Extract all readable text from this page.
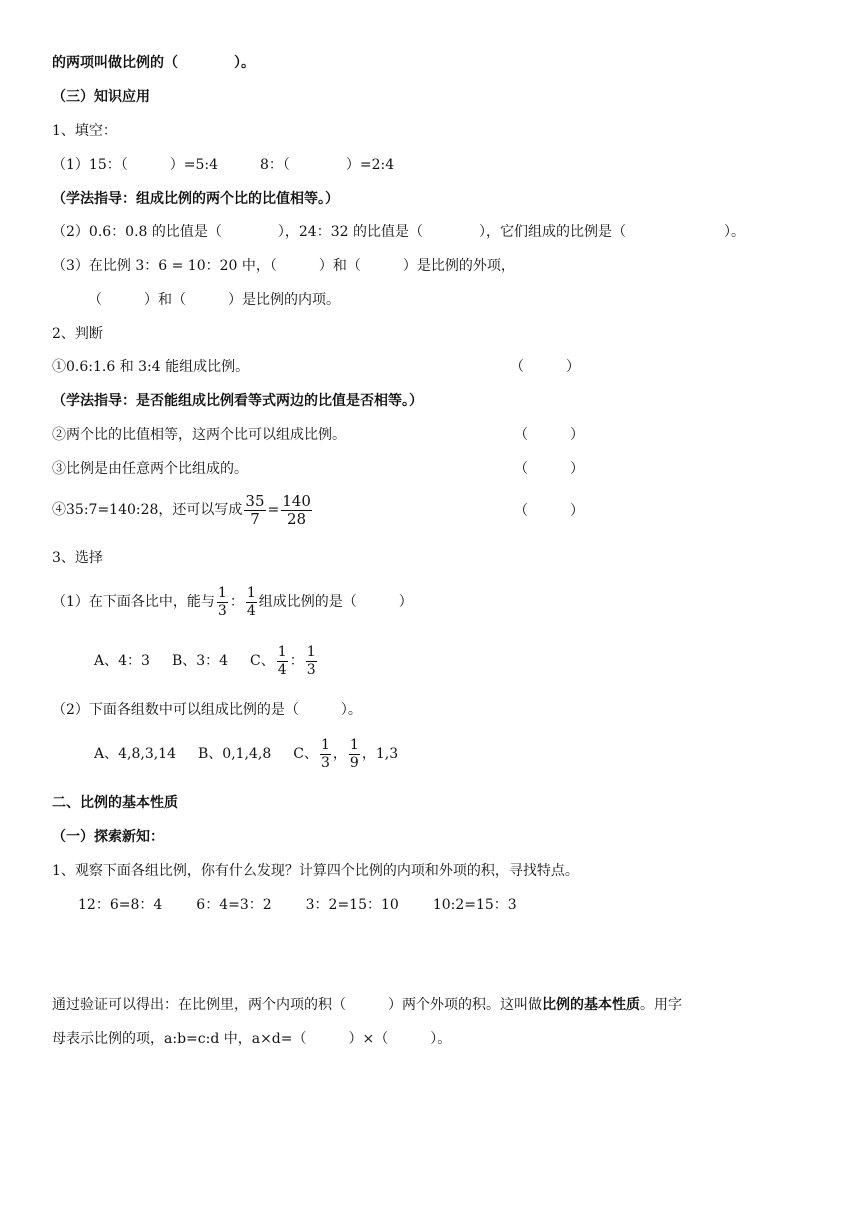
的两项叫做比例的（　　　　）。
（三）知识应用
1、填空：
（1）15：（　　　）=5:4　　　8：（　　　　）=2:4
（学法指导：组成比例的两个比的比值相等。）
（2）0.6：0.8 的比值是（　　　　），24：32 的比值是（　　　　），它们组成的比例是（　　　　　　　）。
（3）在比例 3：6 = 10：20 中，（　　　）和（　　　）是比例的外项，
（　　　）和（　　　）是比例的内项。
2、判断
①0.6:1.6 和 3:4 能组成比例。	（　　　）
（学法指导：是否能组成比例看等式两边的比值是否相等。）
②两个比的比值相等，这两个比可以组成比例。	（　　　）
③比例是由任意两个比组成的。	（　　　）
④35:7=140:28，还可以写成 $\frac{35}{7} = \frac{140}{28}$	（　　　）
3、选择
（1）在下面各比中，能与 $\frac{1}{3}$ ： $\frac{1}{4}$ 组成比例的是（　　　）
A、4：3 B、3：4 C、 $\frac{1}{4}$ ： $\frac{1}{3}$
（2）下面各组数中可以组成比例的是（　　　）。
A、4,8,3,14 B、0,1,4,8 C、 $\frac{1}{3}$ ， $\frac{1}{9}$ ，1,3
二、比例的基本性质
（一）探索新知：
1、观察下面各组比例，你有什么发现？计算四个比例的内项和外项的积，寻找特点。
12：6=8：4 6：4=3：2 3：2=15：10 10:2=15：3
通过验证可以得出：在比例里，两个内项的积（　　　）两个外项的积。这叫做比例的基本性质。用字
母表示比例的项，a:b=c:d 中，a×d=（　　　）×（　　　）。
